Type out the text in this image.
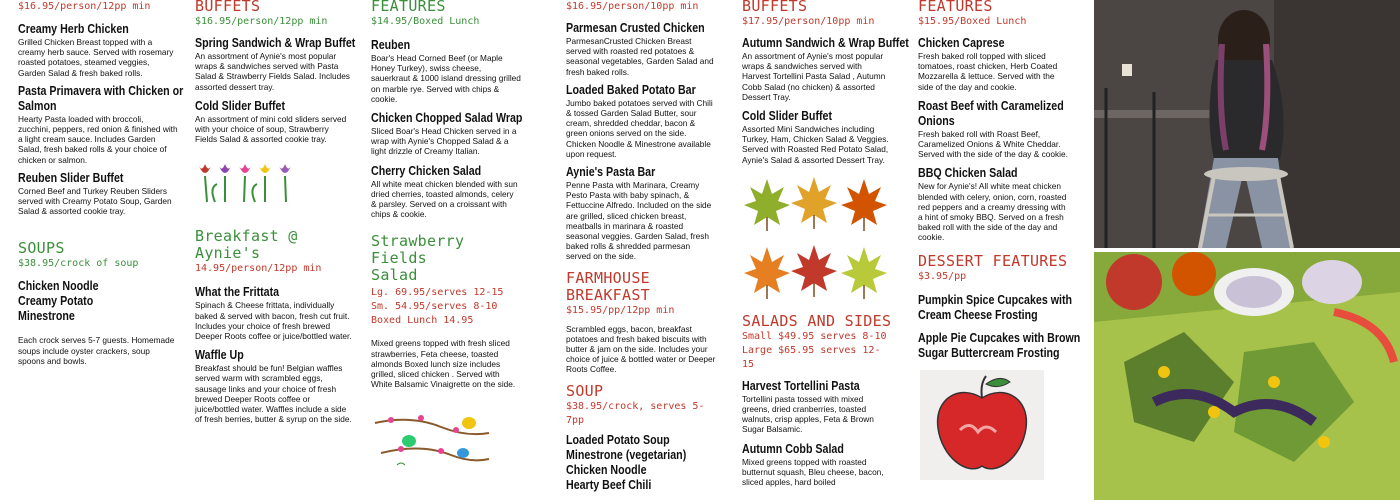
$16.95/person/12pp min
Creamy Herb Chicken
Grilled Chicken Breast topped with a creamy herb sauce. Served with rosemary roasted potatoes, steamed veggies, Garden Salad & fresh baked rolls.
Pasta Primavera with Chicken or
Salmon
Hearty Pasta loaded with broccoli, zucchini, peppers, red onion & finished with a light cream sauce. Includes Garden Salad, fresh baked rolls & your choice of chicken or salmon.
Reuben Slider Buffet
Corned Beef and Turkey Reuben Sliders served with Creamy Potato Soup, Garden Salad & assorted cookie tray.
SOUPS
$38.95/crock of soup
Chicken Noodle
Creamy Potato
Minestrone
Each crock serves 5-7 guests. Homemade soups include oyster crackers, soup spoons and bowls.
BUFFETS
$16.95/person/12pp min
Spring Sandwich & Wrap Buffet
An assortment of Aynie's most popular wraps & sandwiches served with Pasta Salad & Strawberry Fields Salad. Includes assorted dessert tray.
Cold Slider Buffet
An assortment of mini cold sliders served with your choice of soup, Strawberry Fields Salad & assorted cookie tray.
Breakfast @ Aynie's
14.95/person/12pp min
What the Frittata
Spinach & Cheese frittata, individually baked & served with bacon, fresh cut fruit. Includes your choice of fresh brewed Deeper Roots coffee or juice/bottled water.
Waffle Up
Breakfast should be fun! Belgian waffles served warm with scrambled eggs, sausage links and your choice of fresh brewed Deeper Roots coffee or juice/bottled water. Waffles include a side of fresh berries, butter & syrup on the side.
FEATURES
$14.95/Boxed Lunch
Reuben
Boar's Head Corned Beef (or Maple Honey Turkey), swiss cheese, sauerkraut & 1000 island dressing grilled on marble rye. Served with chips & cookie.
Chicken Chopped Salad Wrap
Sliced Boar's Head Chicken served in a wrap with Aynie's Chopped Salad & a light drizzle of Creamy Italian.
Cherry Chicken Salad
All white meat chicken blended with sun dried cherries, toasted almonds, celery & parsley. Served on a croissant with chips & cookie.
Strawberry Fields
Salad
Lg. 69.95/serves 12-15
Sm. 54.95/serves 8-10
Boxed Lunch 14.95
Mixed greens topped with fresh sliced strawberries, Feta cheese, toasted almonds Boxed lunch size includes grilled, sliced chicken . Served with White Balsamic Vinaigrette on the side.
$16.95/person/10pp min
Parmesan Crusted Chicken
ParmesanCrusted Chicken Breast served with roasted red potatoes & seasonal vegetables, Garden Salad and fresh baked rolls.
Loaded Baked Potato Bar
Jumbo baked potatoes served with Chili & tossed Garden Salad Butter, sour cream, shredded cheddar, bacon & green onions served on the side. Chicken Noodle & Minestrone available upon request.
Aynie's Pasta Bar
Penne Pasta with Marinara, Creamy Pesto Pasta with baby spinach, & Fettuccine Alfredo. Included on the side are grilled, sliced chicken breast, meatballs in marinara & roasted seasonal veggies. Garden Salad, fresh baked rolls & shredded parmesan served on the side.
FARMHOUSE
BREAKFAST
$15.95/pp/12pp min
Scrambled eggs, bacon, breakfast potatoes and fresh baked biscuits with butter & jam on the side. Includes your choice of juice & bottled water or Deeper Roots Coffee.
SOUP
$38.95/crock, serves 5-7pp
Loaded Potato Soup
Minestrone (vegetarian)
Chicken Noodle
Hearty Beef Chili
BUFFETS
$17.95/person/10pp min
Autumn Sandwich & Wrap Buffet
An assortment of Aynie's most popular wraps & sandwiches served with Harvest Tortellini Pasta Salad , Autumn Cobb Salad (no chicken) & assorted Dessert Tray.
Cold Slider Buffet
Assorted Mini Sandwiches including Turkey, Ham, Chicken Salad & Veggies. Served with Roasted Red Potato Salad, Aynie's Salad & assorted Dessert Tray.
SALADS AND SIDES
Small $49.95 serves 8-10
Large $65.95 serves 12-15
Harvest Tortellini Pasta
Tortellini pasta tossed with mixed greens, dried cranberries, toasted walnuts, crisp apples, Feta & Brown Sugar Balsamic.
Autumn Cobb Salad
Mixed greens topped with roasted butternut squash, Bleu cheese, bacon, sliced apples, hard boiled
FEATURES
$15.95/Boxed Lunch
Chicken Caprese
Fresh baked roll topped with sliced tomatoes, roast chicken, Herb Coated Mozzarella & lettuce. Served with the side of the day and cookie.
Roast Beef with Caramelized
Onions
Fresh baked roll with Roast Beef, Caramelized Onions & White Cheddar. Served with the side of the day & cookie.
BBQ Chicken Salad
New for Aynie's! All white meat chicken blended with celery, onion, corn, roasted red peppers and a creamy dressing with a hint of smoky BBQ. Served on a fresh baked roll with the side of the day and cookie.
DESSERT FEATURES
$3.95/pp
Pumpkin Spice Cupcakes with
Cream Cheese Frosting
Apple Pie Cupcakes with Brown
Sugar Buttercream Frosting
